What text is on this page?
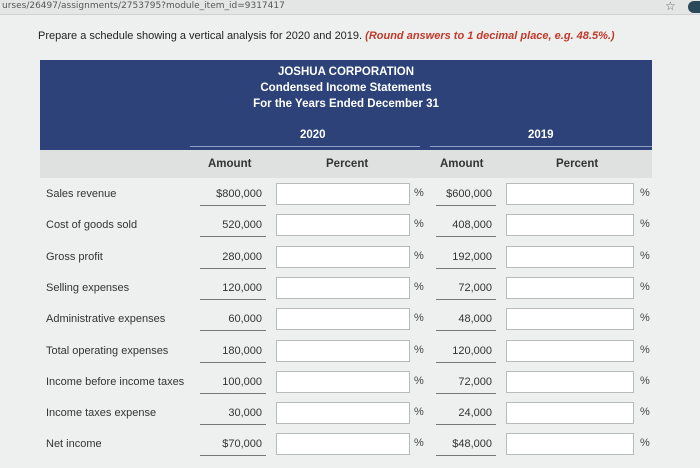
urses/26497/assignments/2753795?module_item_id=9317417	☆
Prepare a schedule showing a vertical analysis for 2020 and 2019. (Round answers to 1 decimal place, e.g. 48.5%.)
JOSHUA CORPORATION
Condensed Income Statements
For the Years Ended December 31
2020	2019
Amount	Percent	Amount	Percent
Sales revenue	$800,000	%	$600,000	%
Cost of goods sold	520,000	%	408,000	%
Gross profit	280,000	%	192,000	%
Selling expenses	120,000	%	72,000	%
Administrative expenses	60,000	%	48,000	%
Total operating expenses	180,000	%	120,000	%
Income before income taxes	100,000	%	72,000	%
Income taxes expense	30,000	%	24,000	%
Net income	$70,000	%	$48,000	%
